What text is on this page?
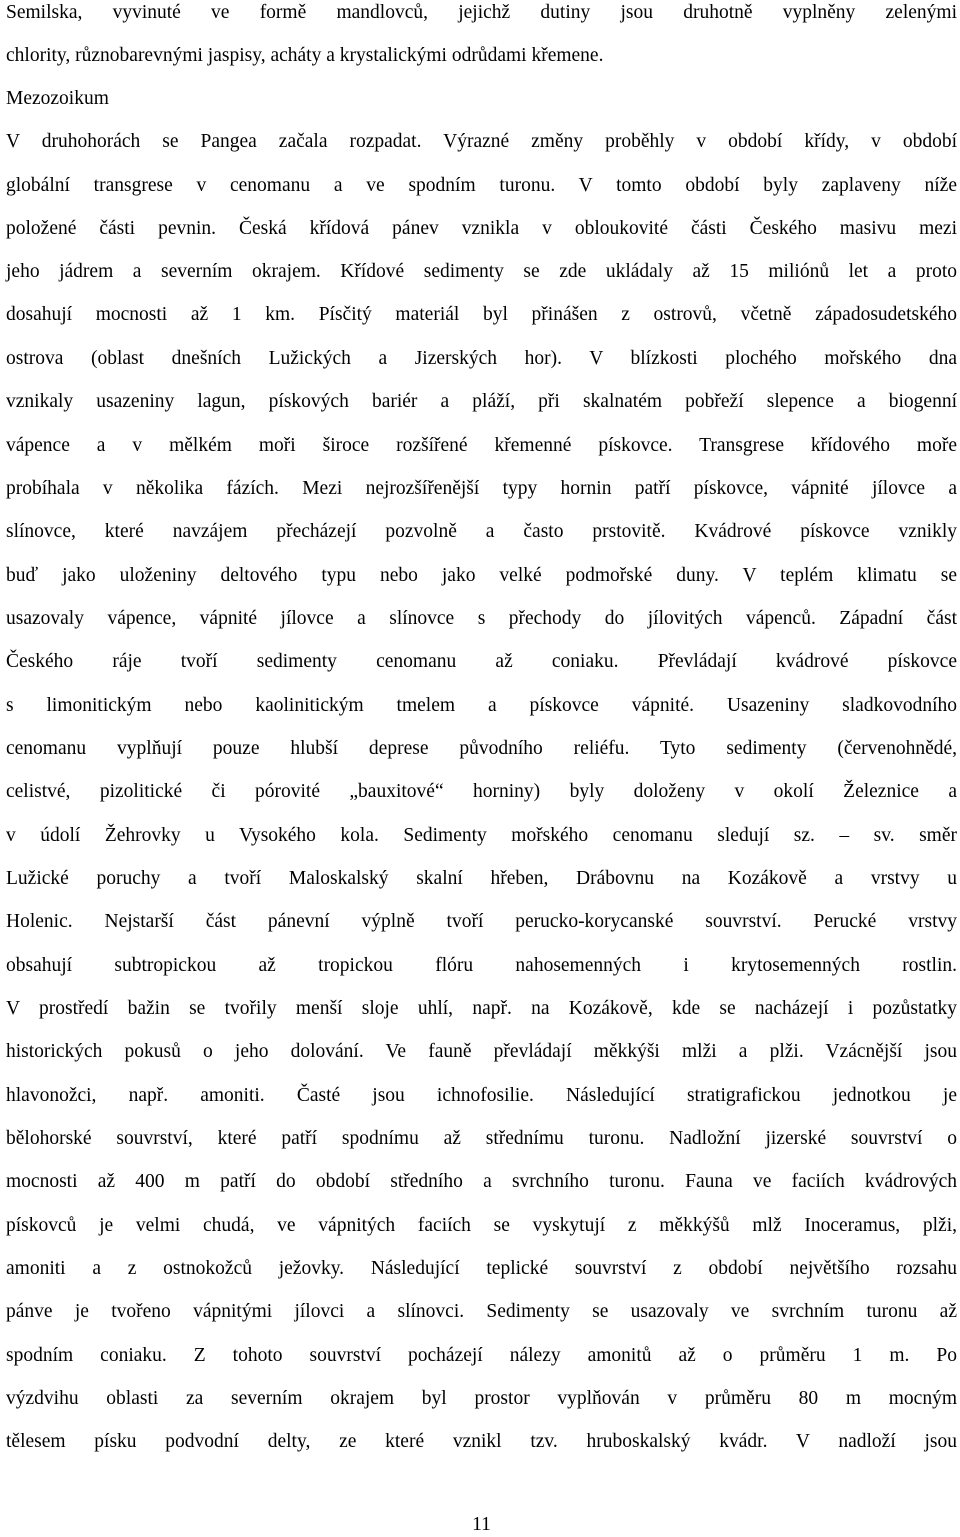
Semilska, vyvinuté ve formě mandlovců, jejichž dutiny jsou druhotně vyplněny zelenými
chlority, různobarevnými jaspisy, acháty a krystalickými odrůdami křemene.
Mezozoikum
V druhohorách se Pangea začala rozpadat. Výrazné změny proběhly v období křídy, v období
globální transgrese v cenomanu a ve spodním turonu. V tomto období byly zaplaveny níže
položené části pevnin. Česká křídová pánev vznikla v obloukovité části Českého masivu mezi
jeho jádrem a severním okrajem. Křídové sedimenty se zde ukládaly až 15 miliónů let a proto
dosahují mocnosti až 1 km. Písčitý materiál byl přinášen z ostrovů, včetně západosudetského
ostrova (oblast dnešních Lužických a Jizerských hor). V blízkosti plochého mořského dna
vznikaly usazeniny lagun, pískových bariér a pláží, při skalnatém pobřeží slepence a biogenní
vápence a v mělkém moři široce rozšířené křemenné pískovce. Transgrese křídového moře
probíhala v několika fázích. Mezi nejrozšířenější typy hornin patří pískovce, vápnité jílovce a
slínovce, které navzájem přecházejí pozvolně a často prstovitě. Kvádrové pískovce vznikly
buď jako uloženiny deltového typu nebo jako velké podmořské duny. V teplém klimatu se
usazovaly vápence, vápnité jílovce a slínovce s přechody do jílovitých vápenců. Západní část
Českého ráje tvoří sedimenty cenomanu až coniaku. Převládají kvádrové pískovce
s limonitickým nebo kaolinitickým tmelem a pískovce vápnité. Usazeniny sladkovodního
cenomanu vyplňují pouze hlubší deprese původního reliéfu. Tyto sedimenty (červenohnědé,
celistvé, pizolitické či pórovité „bauxitové“ horniny) byly doloženy v okolí Železnice a
v údolí Žehrovky u Vysokého kola. Sedimenty mořského cenomanu sledují sz. – sv. směr
Lužické poruchy a tvoří Maloskalský skalní hřeben, Drábovnu na Kozákově a vrstvy u
Holenic. Nejstarší část pánevní výplně tvoří perucko-korycanské souvrství. Perucké vrstvy
obsahují subtropickou až tropickou flóru nahosemenných i krytosemenných rostlin.
V prostředí bažin se tvořily menší sloje uhlí, např. na Kozákově, kde se nacházejí i pozůstatky
historických pokusů o jeho dolování. Ve fauně převládají měkkýši mlži a plži. Vzácnější jsou
hlavonožci, např. amoniti. Časté jsou ichnofosilie. Následující stratigrafickou jednotkou je
bělohorské souvrství, které patří spodnímu až střednímu turonu. Nadložní jizerské souvrství o
mocnosti až 400 m patří do období středního a svrchního turonu. Fauna ve faciích kvádrových
pískovců je velmi chudá, ve vápnitých faciích se vyskytují z měkkýšů mlž Inoceramus, plži,
amoniti a z ostnokožců ježovky. Následující teplické souvrství z období největšího rozsahu
pánve je tvořeno vápnitými jílovci a slínovci. Sedimenty se usazovaly ve svrchním turonu až
spodním coniaku. Z tohoto souvrství pocházejí nálezy amonitů až o průměru 1 m. Po
výzdvihu oblasti za severním okrajem byl prostor vyplňován v průměru 80 m mocným
tělesem písku podvodní delty, ze které vznikl tzv. hruboskalský kvádr. V nadloží jsou
11
